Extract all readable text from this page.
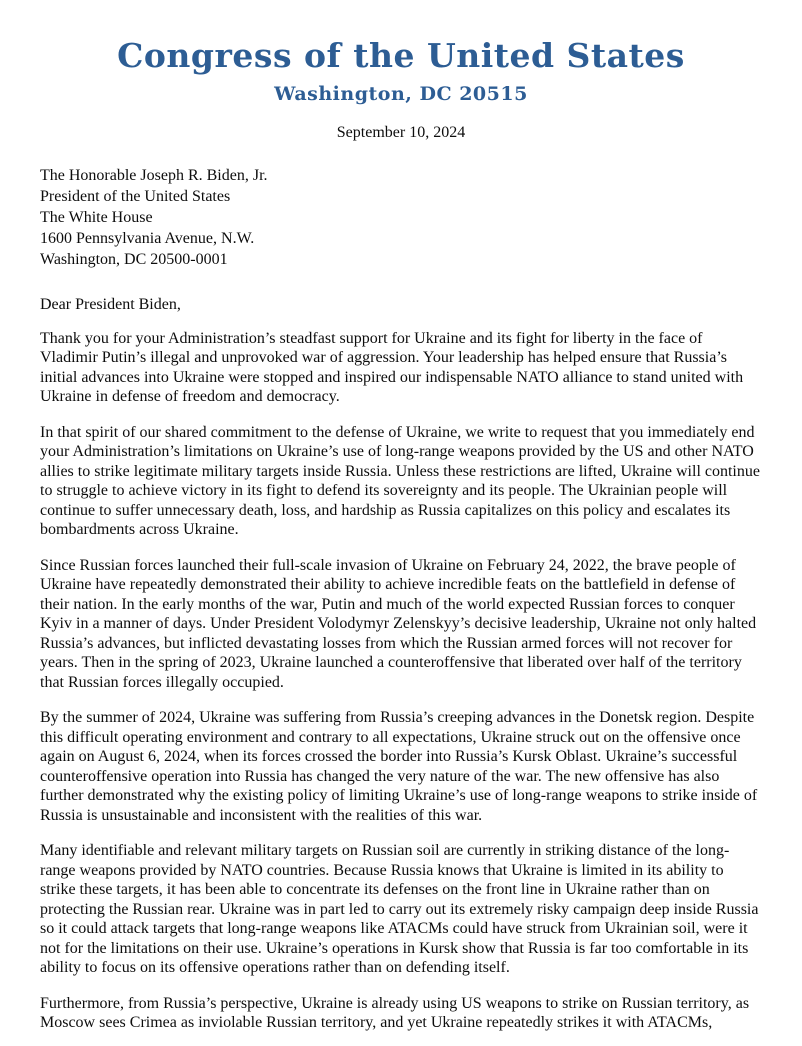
Congress of the United States
Washington, DC 20515
September 10, 2024
The Honorable Joseph R. Biden, Jr.
President of the United States
The White House
1600 Pennsylvania Avenue, N.W.
Washington, DC 20500-0001
Dear President Biden,

Thank you for your Administration’s steadfast support for Ukraine and its fight for liberty in the face of Vladimir Putin’s illegal and unprovoked war of aggression. Your leadership has helped ensure that Russia’s initial advances into Ukraine were stopped and inspired our indispensable NATO alliance to stand united with Ukraine in defense of freedom and democracy.

In that spirit of our shared commitment to the defense of Ukraine, we write to request that you immediately end your Administration’s limitations on Ukraine’s use of long-range weapons provided by the US and other NATO allies to strike legitimate military targets inside Russia. Unless these restrictions are lifted, Ukraine will continue to struggle to achieve victory in its fight to defend its sovereignty and its people. The Ukrainian people will continue to suffer unnecessary death, loss, and hardship as Russia capitalizes on this policy and escalates its bombardments across Ukraine.

Since Russian forces launched their full-scale invasion of Ukraine on February 24, 2022, the brave people of Ukraine have repeatedly demonstrated their ability to achieve incredible feats on the battlefield in defense of their nation. In the early months of the war, Putin and much of the world expected Russian forces to conquer Kyiv in a manner of days. Under President Volodymyr Zelenskyy’s decisive leadership, Ukraine not only halted Russia’s advances, but inflicted devastating losses from which the Russian armed forces will not recover for years. Then in the spring of 2023, Ukraine launched a counteroffensive that liberated over half of the territory that Russian forces illegally occupied.

By the summer of 2024, Ukraine was suffering from Russia’s creeping advances in the Donetsk region. Despite this difficult operating environment and contrary to all expectations, Ukraine struck out on the offensive once again on August 6, 2024, when its forces crossed the border into Russia’s Kursk Oblast. Ukraine’s successful counteroffensive operation into Russia has changed the very nature of the war. The new offensive has also further demonstrated why the existing policy of limiting Ukraine’s use of long-range weapons to strike inside of Russia is unsustainable and inconsistent with the realities of this war.

Many identifiable and relevant military targets on Russian soil are currently in striking distance of the long-range weapons provided by NATO countries. Because Russia knows that Ukraine is limited in its ability to strike these targets, it has been able to concentrate its defenses on the front line in Ukraine rather than on protecting the Russian rear. Ukraine was in part led to carry out its extremely risky campaign deep inside Russia so it could attack targets that long-range weapons like ATACMs could have struck from Ukrainian soil, were it not for the limitations on their use. Ukraine’s operations in Kursk show that Russia is far too comfortable in its ability to focus on its offensive operations rather than on defending itself.

Furthermore, from Russia’s perspective, Ukraine is already using US weapons to strike on Russian territory, as Moscow sees Crimea as inviolable Russian territory, and yet Ukraine repeatedly strikes it with ATACMs,
